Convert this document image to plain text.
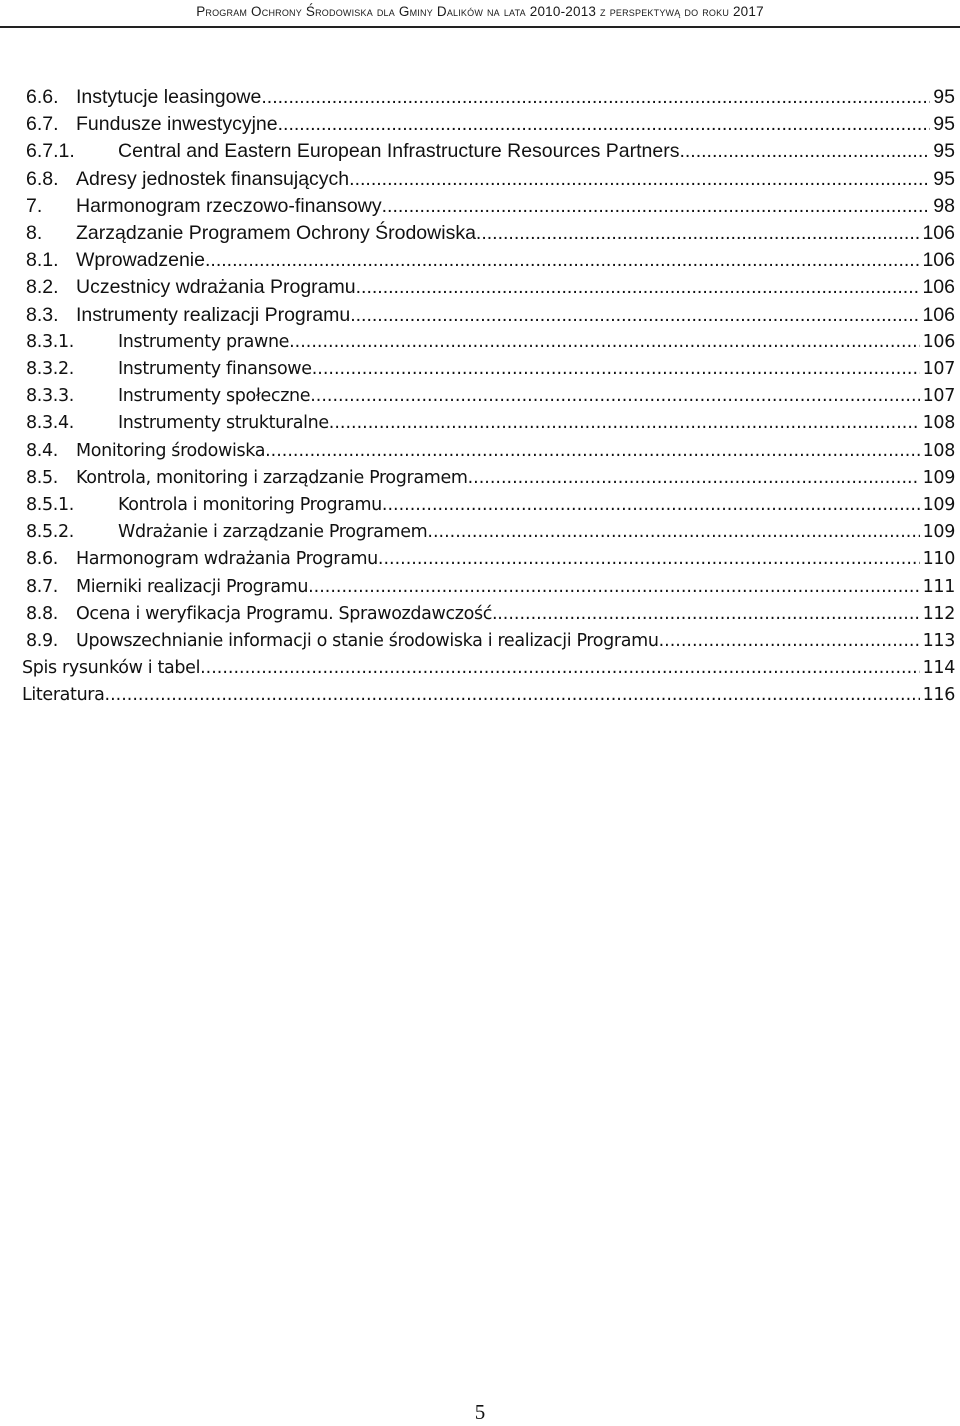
Program Ochrony Środowiska dla Gminy Dalików na lata 2010-2013 z perspektywą do roku 2017
6.6. Instytucje leasingowe .....	95
6.7. Fundusze inwestycyjne .....	95
6.7.1.	Central and Eastern European Infrastructure Resources Partners .....	95
6.8. Adresy jednostek finansujących .....	95
7.	Harmonogram rzeczowo-finansowy .....	98
8.	Zarządzanie Programem Ochrony Środowiska .....	106
8.1. Wprowadzenie .....	106
8.2. Uczestnicy wdrażania Programu .....	106
8.3. Instrumenty realizacji Programu .....	106
8.3.1.	Instrumenty prawne .....	106
8.3.2.	Instrumenty finansowe .....	107
8.3.3.	Instrumenty społeczne .....	107
8.3.4.	Instrumenty strukturalne .....	108
8.4.	Monitoring środowiska .....	108
8.5.	Kontrola, monitoring i zarządzanie Programem .....	109
8.5.1.	Kontrola i monitoring Programu .....	109
8.5.2.	Wdrażanie i zarządzanie Programem .....	109
8.6.	Harmonogram wdrażania Programu .....	110
8.7.	Mierniki realizacji Programu .....	111
8.8.	Ocena i weryfikacja Programu. Sprawozdawczość. .....	112
8.9.	Upowszechnianie informacji o stanie środowiska i realizacji Programu .....	113
Spis rysunków i tabel .....	114
Literatura .....	116
5
